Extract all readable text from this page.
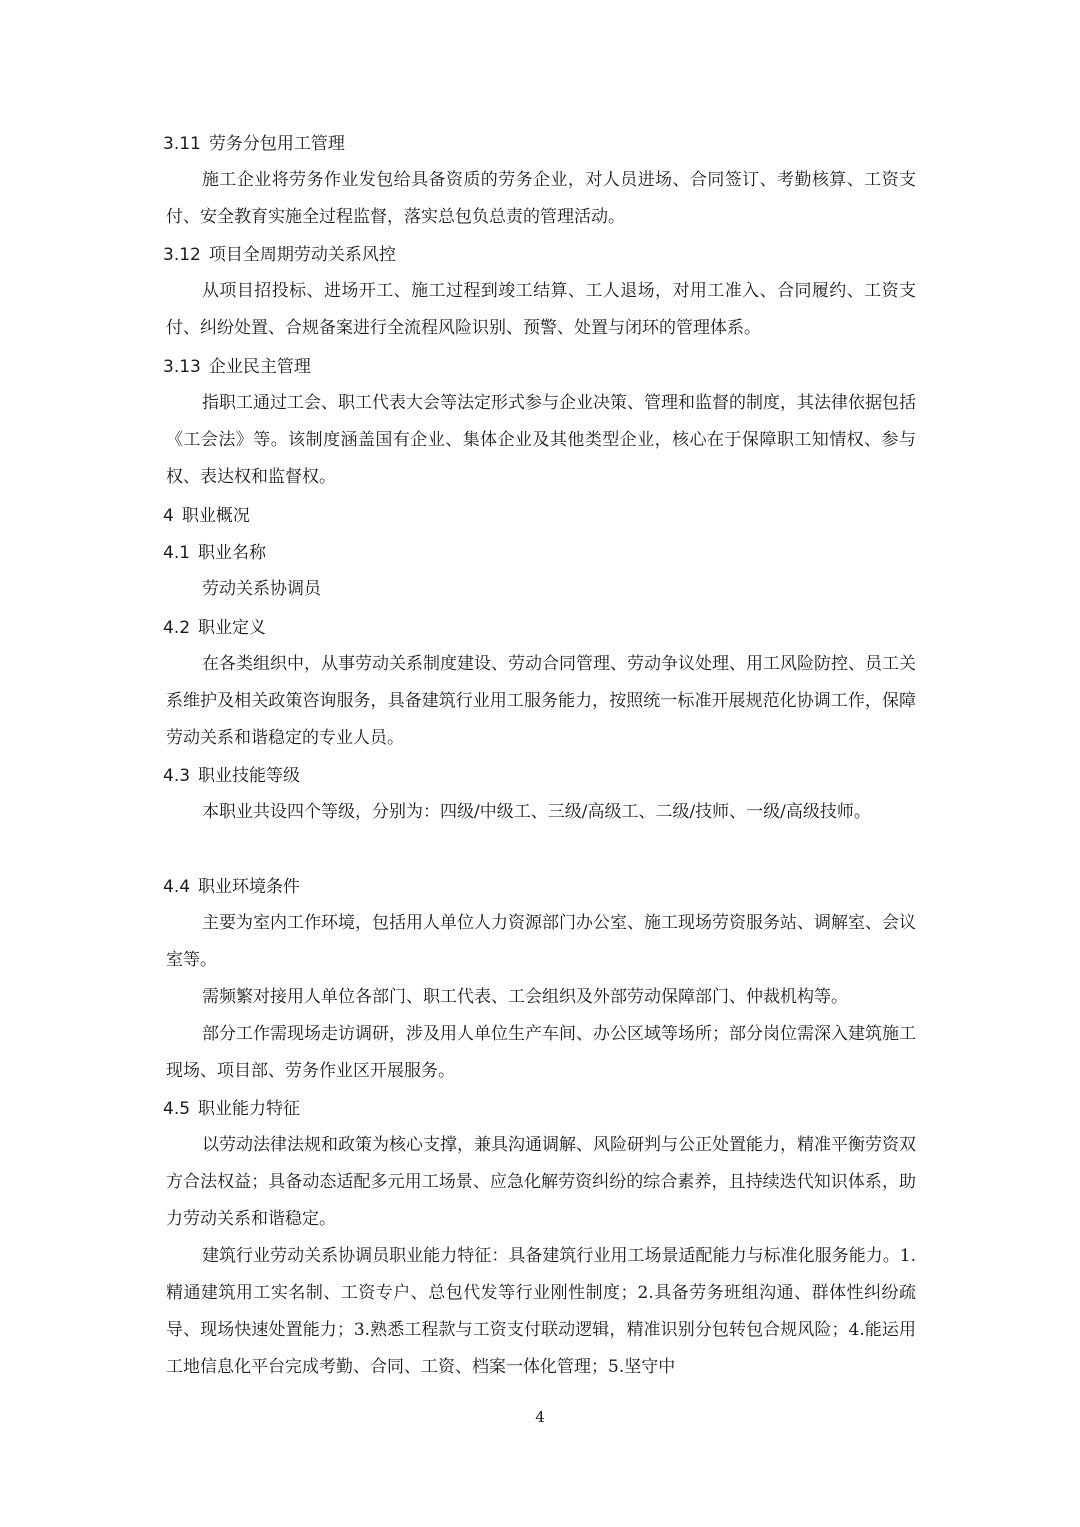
3.11 劳务分包用工管理

施工企业将劳务作业发包给具备资质的劳务企业，对人员进场、合同签订、考勤核算、工资支付、安全教育实施全过程监督，落实总包负总责的管理活动。

3.12 项目全周期劳动关系风控

从项目招投标、进场开工、施工过程到竣工结算、工人退场，对用工准入、合同履约、工资支付、纠纷处置、合规备案进行全流程风险识别、预警、处置与闭环的管理体系。

3.13 企业民主管理

指职工通过工会、职工代表大会等法定形式参与企业决策、管理和监督的制度，其法律依据包括《工会法》等。该制度涵盖国有企业、集体企业及其他类型企业，核心在于保障职工知情权、参与权、表达权和监督权。

4 职业概况
4.1 职业名称

劳动关系协调员

4.2 职业定义

在各类组织中，从事劳动关系制度建设、劳动合同管理、劳动争议处理、用工风险防控、员工关系维护及相关政策咨询服务，具备建筑行业用工服务能力，按照统一标准开展规范化协调工作，保障劳动关系和谐稳定的专业人员。

4.3 职业技能等级

本职业共设四个等级，分别为：四级/中级工、三级/高级工、二级/技师、一级/高级技师。

4.4 职业环境条件

主要为室内工作环境，包括用人单位人力资源部门办公室、施工现场劳资服务站、调解室、会议室等。

需频繁对接用人单位各部门、职工代表、工会组织及外部劳动保障部门、仲裁机构等。

部分工作需现场走访调研，涉及用人单位生产车间、办公区域等场所；部分岗位需深入建筑施工现场、项目部、劳务作业区开展服务。

4.5 职业能力特征

以劳动法律法规和政策为核心支撑，兼具沟通调解、风险研判与公正处置能力，精准平衡劳资双方合法权益；具备动态适配多元用工场景、应急化解劳资纠纷的综合素养，且持续迭代知识体系，助力劳动关系和谐稳定。

建筑行业劳动关系协调员职业能力特征：具备建筑行业用工场景适配能力与标准化服务能力。1.精通建筑用工实名制、工资专户、总包代发等行业刚性制度；2.具备劳务班组沟通、群体性纠纷疏导、现场快速处置能力；3.熟悉工程款与工资支付联动逻辑，精准识别分包转包合规风险；4.能运用工地信息化平台完成考勤、合同、工资、档案一体化管理；5.坚守中

4
